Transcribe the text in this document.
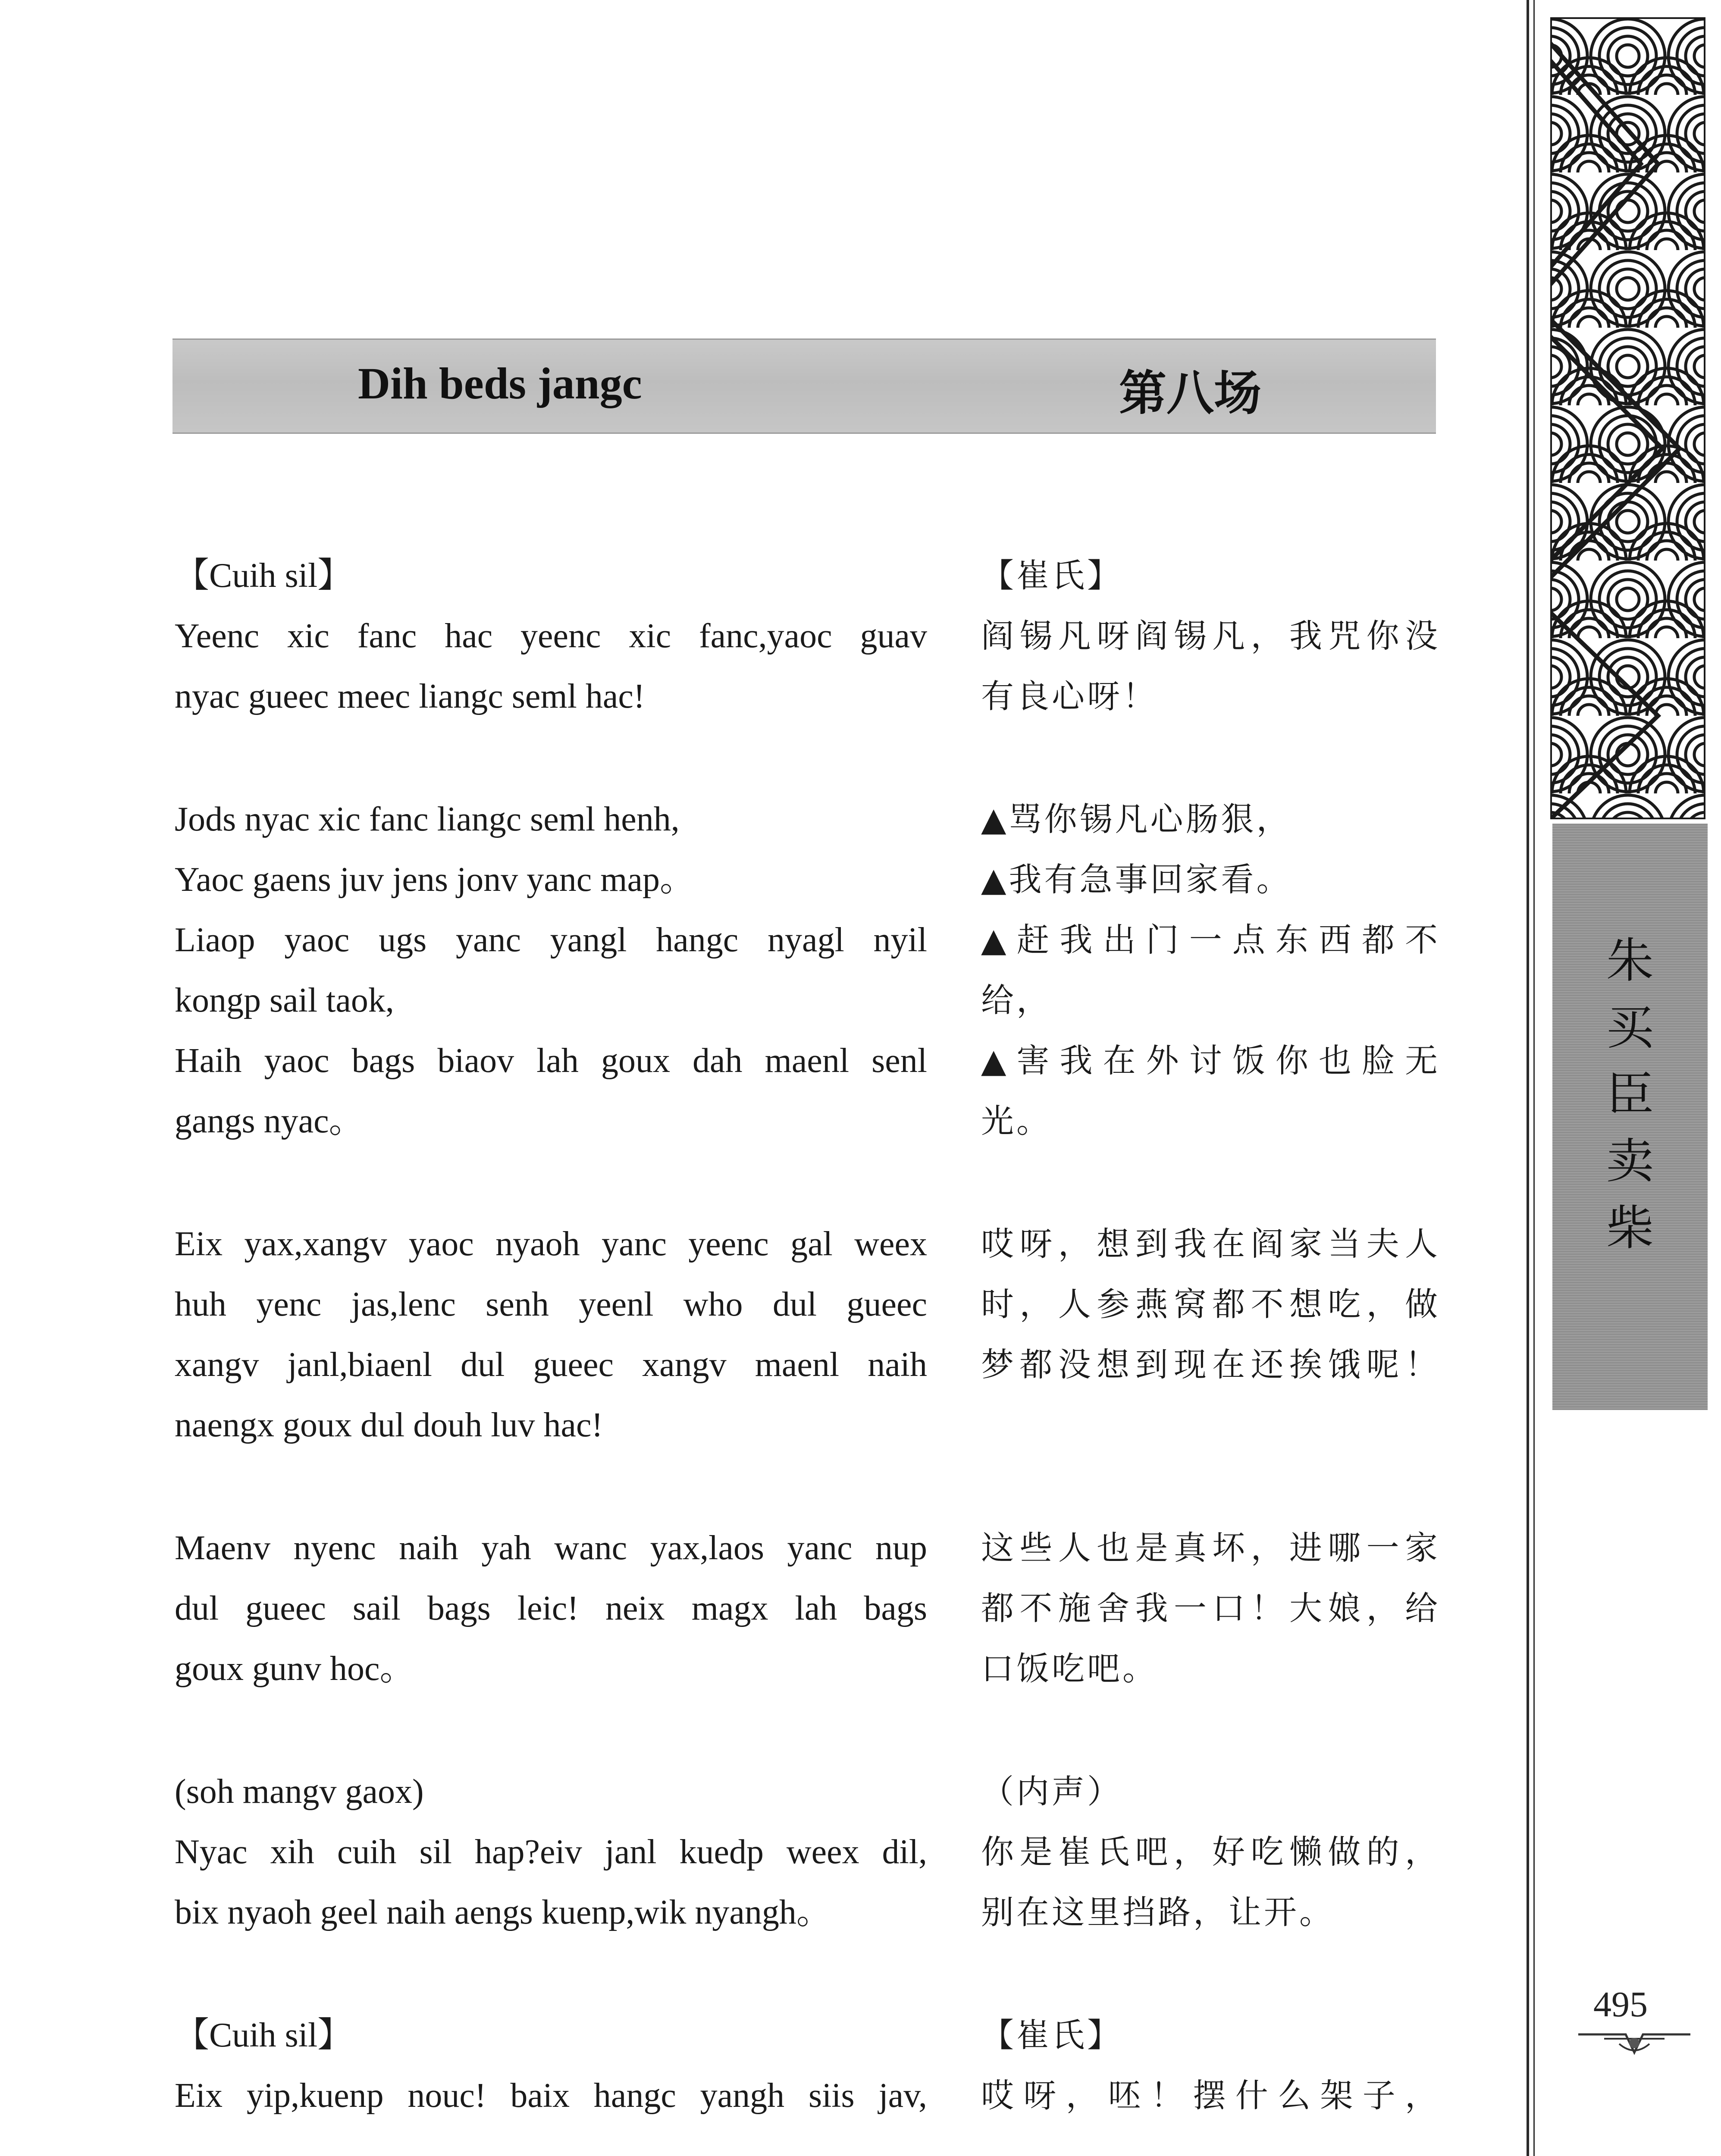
Dih beds jangc	第八场
【Cuih sil】
Yeenc xic fanc hac yeenc xic fanc,yaoc guav
nyac gueec meec liangc seml hac!
Jods nyac xic fanc liangc seml henh,
Yaoc gaens juv jens jonv yanc map。
Liaop yaoc ugs yanc yangl hangc nyagl nyil
kongp sail taok,
Haih yaoc bags biaov lah goux dah maenl senl
gangs nyac。
Eix yax,xangv yaoc nyaoh yanc yeenc gal weex
huh yenc jas,lenc senh yeenl who dul gueec
xangv janl,biaenl dul gueec xangv maenl naih
naengx goux dul douh luv hac!
Maenv nyenc naih yah wanc yax,laos yanc nup
dul gueec sail bags leic! neix magx lah bags
goux gunv hoc。
(soh mangv gaox)
Nyac xih cuih sil hap?eiv janl kuedp weex dil,
bix nyaoh geel naih aengs kuenp,wik nyangh。
【Cuih sil】
Eix yip,kuenp nouc! baix hangc yangh siis jav,
【崔氏】
阎锡凡呀阎锡凡，我咒你没
有良心呀！
▲骂你锡凡心肠狠，
▲我有急事回家看。
▲赶我出门一点东西都不
给，
▲害我在外讨饭你也脸无
光。
哎呀，想到我在阎家当夫人
时，人参燕窝都不想吃，做
梦都没想到现在还挨饿呢！
这些人也是真坏，进哪一家
都不施舍我一口！大娘，给
口饭吃吧。
（内声）
你是崔氏吧，好吃懒做的，
别在这里挡路，让开。
【崔氏】
哎呀，呸！摆什么架子，
朱
买
臣
卖
柴
495
